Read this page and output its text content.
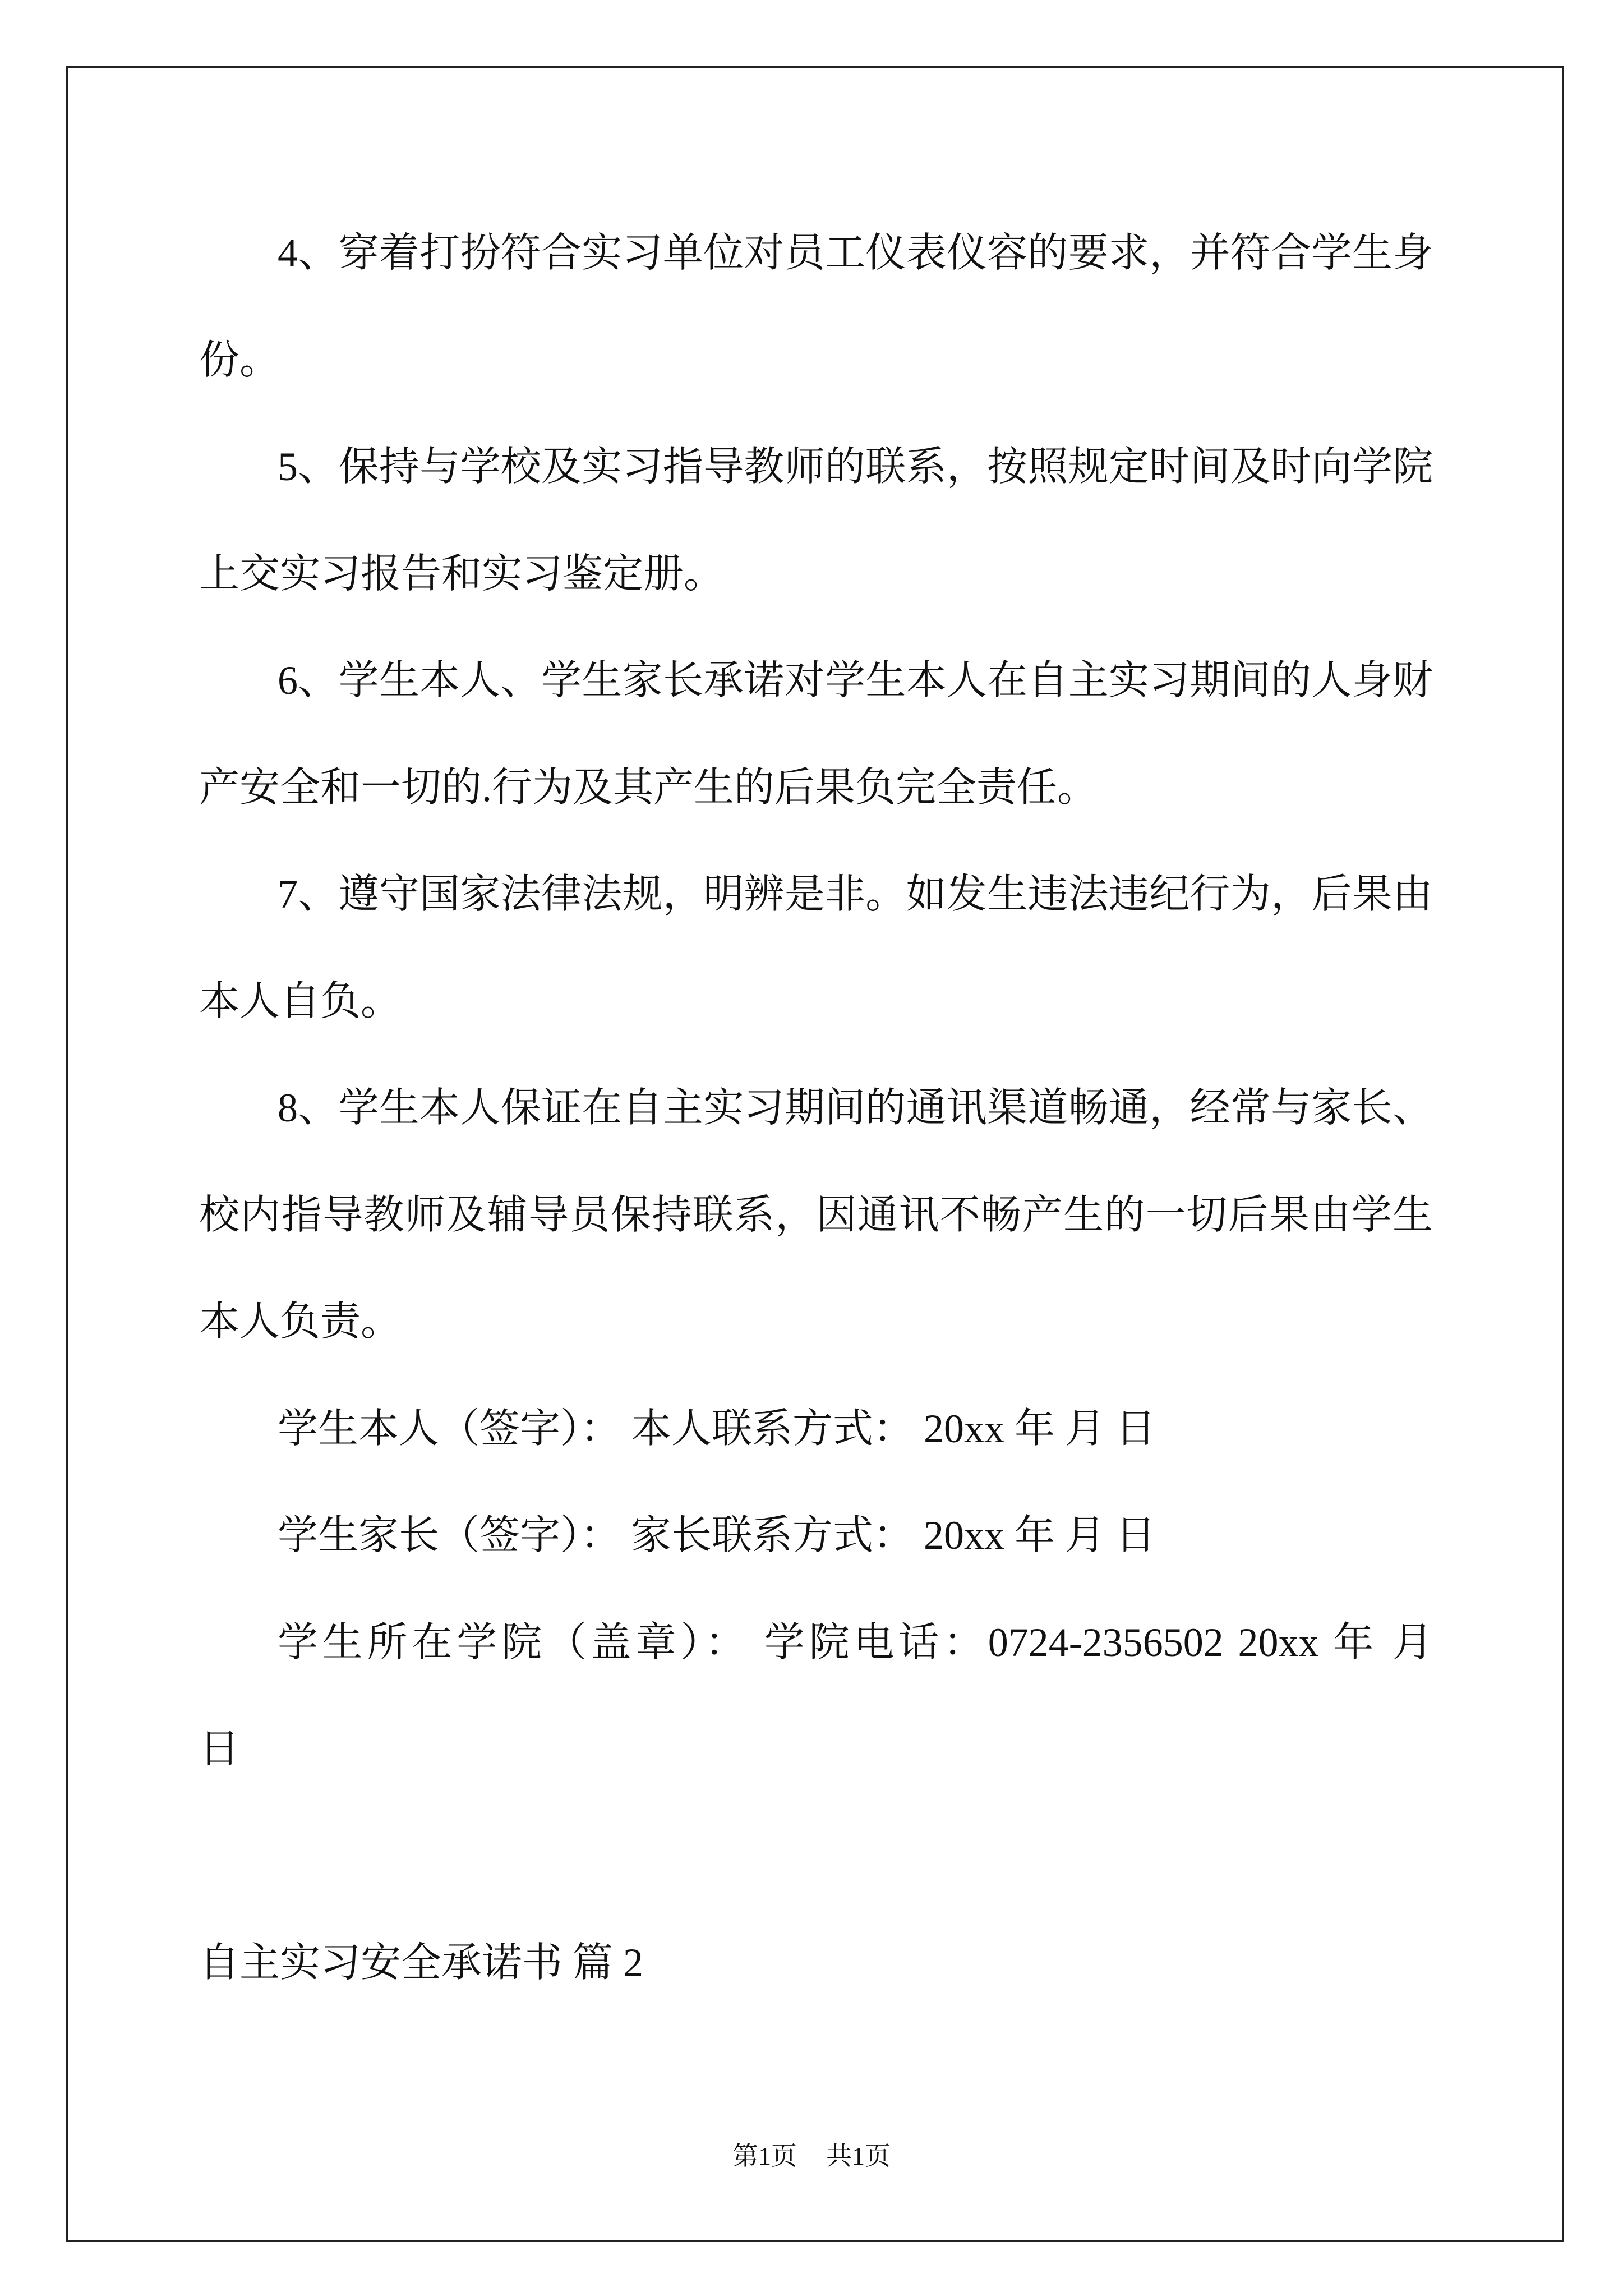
4、穿着打扮符合实习单位对员工仪表仪容的要求，并符合学生身
份。
5、保持与学校及实习指导教师的联系，按照规定时间及时向学院
上交实习报告和实习鉴定册。
6、学生本人、学生家长承诺对学生本人在自主实习期间的人身财
产安全和一切的.行为及其产生的后果负完全责任。
7、遵守国家法律法规，明辨是非。如发生违法违纪行为，后果由
本人自负。
8、学生本人保证在自主实习期间的通讯渠道畅通，经常与家长、
校内指导教师及辅导员保持联系，因通讯不畅产生的一切后果由学生
本人负责。
学生本人（签字）： 本人联系方式： 20xx 年 月 日
学生家长（签字）： 家长联系方式： 20xx 年 月 日
学生所在学院（盖章）： 学院电话：0724-2356502 20xx 年 月
日
自主实习安全承诺书 篇 2
第1页 共1页
